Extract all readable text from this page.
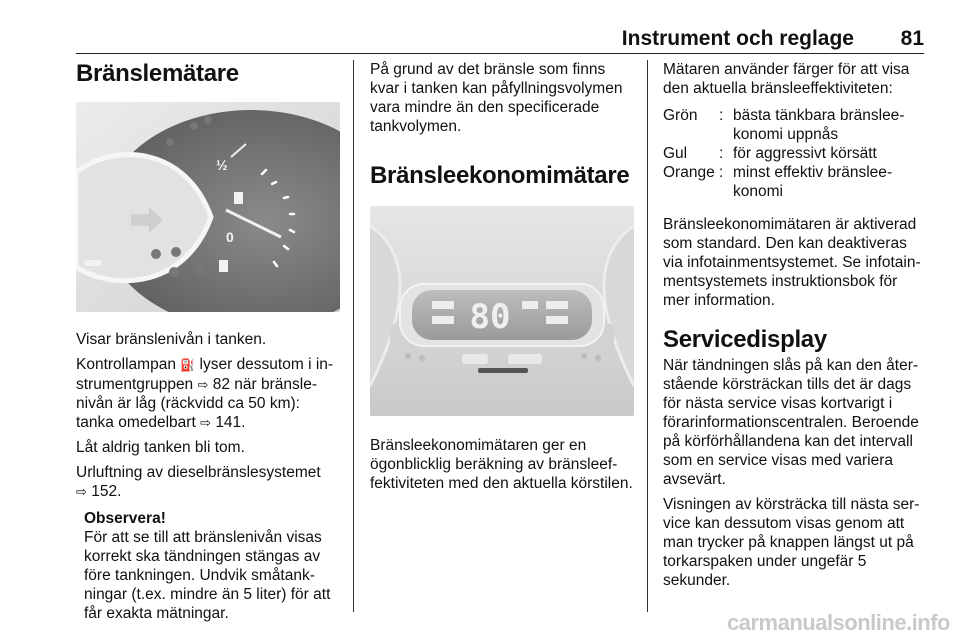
Instrument och reglage 81
Bränslemätare
½
0

Visar bränslenivån i tanken.

Kontrollampan ⛽ lyser dessutom i instrumentgruppen ⇨ 82 när bränslenivån är låg (räckvidd ca 50 km): tanka omedelbart ⇨ 141.

Låt aldrig tanken bli tom.

Urluftning av dieselbränslesystemet
⇨ 152.

Observera!

För att se till att bränslenivån visas korrekt ska tändningen stängas av före tankningen. Undvik småtankningar (t.ex. mindre än 5 liter) för att får exakta mätningar.

På grund av det bränsle som finns kvar i tanken kan påfyllningsvolymen vara mindre än den specificerade tankvolymen.

Bränsleekonomimätare
80

Bränsleekonomimätaren ger en ögonblicklig beräkning av bränsleeffektiviteten med den aktuella körstilen.

Mätaren använder färger för att visa den aktuella bränsleeffektiviteten:

Grön	: bästa tänkbara bränsleekonomi uppnås
Gul	: för aggressivt körsätt
Orange : minst effektiv bränsleekonomi

Bränsleekonomimätaren är aktiverad som standard. Den kan deaktiveras via infotainmentsystemet. Se infotainmentsystemets instruktionsbok för mer information.

Servicedisplay

När tändningen slås på kan den återstående körsträckan tills det är dags för nästa service visas kortvarigt i förarinformationscentralen. Beroende på körförhållandena kan det intervall som en service visas med variera avsevärt.

Visningen av körsträcka till nästa service kan dessutom visas genom att man trycker på knappen längst ut på torkarspaken under ungefär 5 sekunder.

carmanualsonline.info
